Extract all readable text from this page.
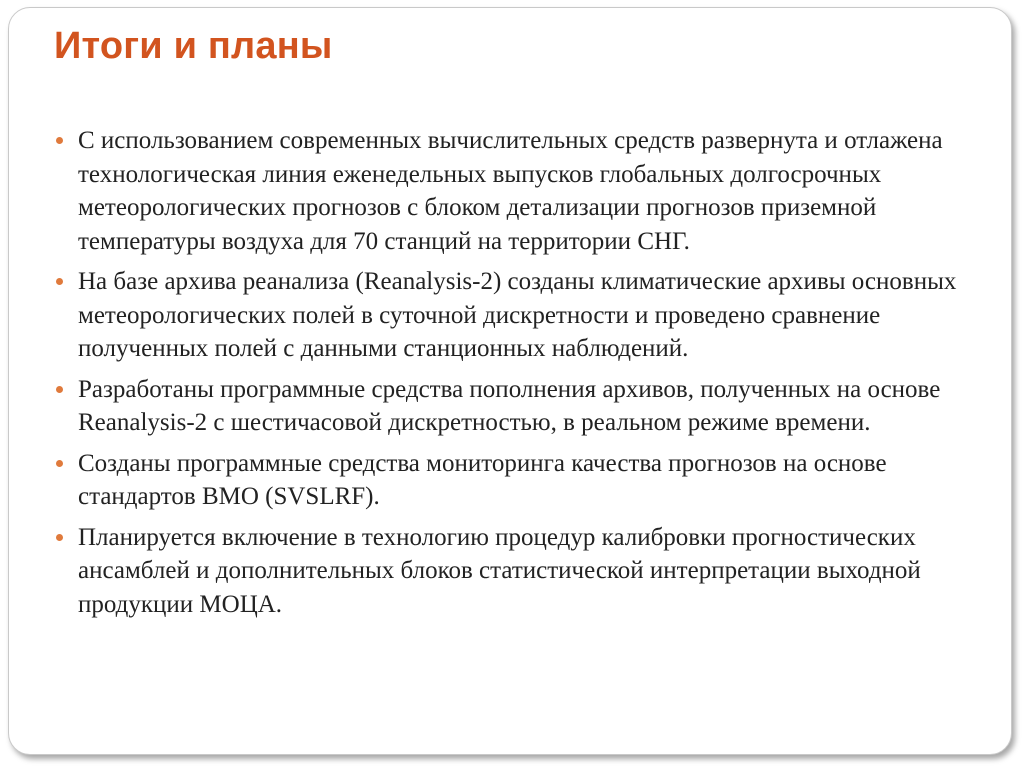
Итоги и планы
С использованием современных вычислительных средств развернута и отлажена технологическая линия еженедельных выпусков глобальных долгосрочных метеорологических прогнозов с блоком детализации прогнозов приземной температуры воздуха для 70 станций на территории СНГ.
На базе архива реанализа (Reanalysis-2) созданы климатические архивы основных метеорологических полей в суточной дискретности и проведено сравнение полученных полей с данными станционных наблюдений.
Разработаны программные средства пополнения архивов, полученных на основе Reanalysis-2 с шестичасовой дискретностью, в реальном режиме времени.
Созданы программные средства мониторинга качества прогнозов на основе стандартов ВМО (SVSLRF).
Планируется включение в технологию процедур калибровки прогностических ансамблей и дополнительных блоков статистической интерпретации выходной продукции МОЦА.
